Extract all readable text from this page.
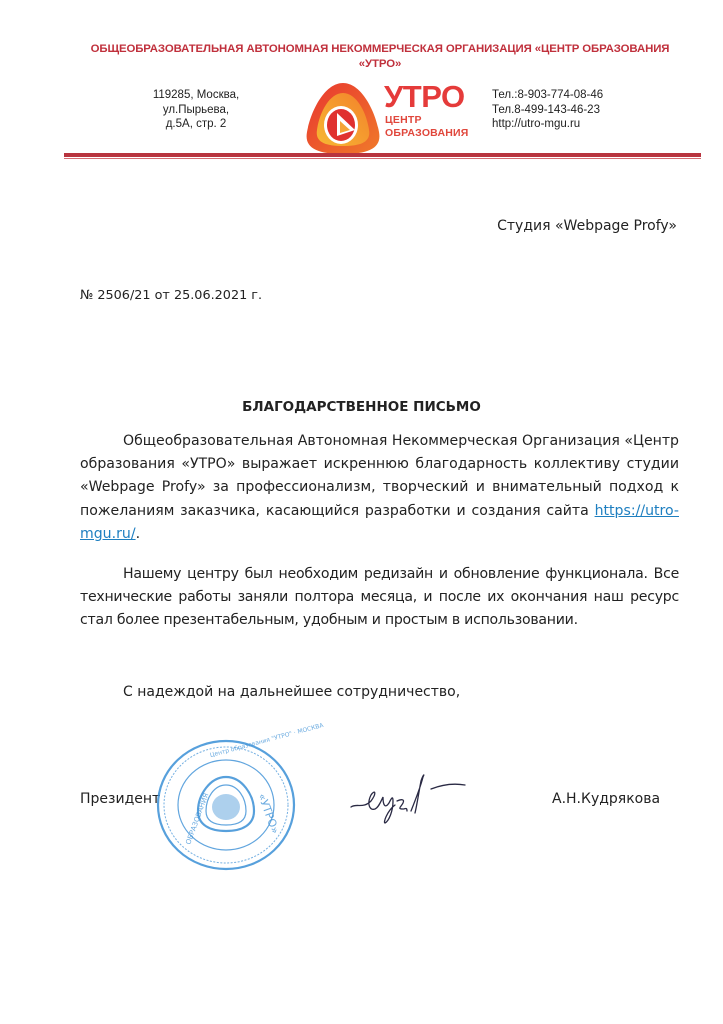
ОБЩЕОБРАЗОВАТЕЛЬНАЯ АВТОНОМНАЯ НЕКОММЕРЧЕСКАЯ ОРГАНИЗАЦИЯ «ЦЕНТР ОБРАЗОВАНИЯ «УТРО»
119285, Москва,
ул.Пырьева,
д.5А, стр. 2
УТРО
ЦЕНТР
ОБРАЗОВАНИЯ
Тел.:8-903-774-08-46
Тел.8-499-143-46-23
http://utro-mgu.ru
Студия «Webpage Profy»
№ 2506/21 от 25.06.2021 г.
БЛАГОДАРСТВЕННОЕ ПИСЬМО
Общеобразовательная Автономная Некоммерческая Организация «Центр образования «УТРО» выражает искреннюю благодарность коллективу студии «Webpage Profy» за профессионализм, творческий и внимательный подход к пожеланиям заказчика, касающийся разработки и создания сайта https://utro-mgu.ru/.
Нашему центру был необходим редизайн и обновление функционала. Все технические работы заняли полтора месяца, и после их окончания наш ресурс стал более презентабельным, удобным и простым в использовании.
С надеждой на дальнейшее сотрудничество,
Президент
Центр образования "УТРО" · МОСКВА
«УТРО»
ОБРАЗОВАНИЯ	А.Н.Кудрякова
